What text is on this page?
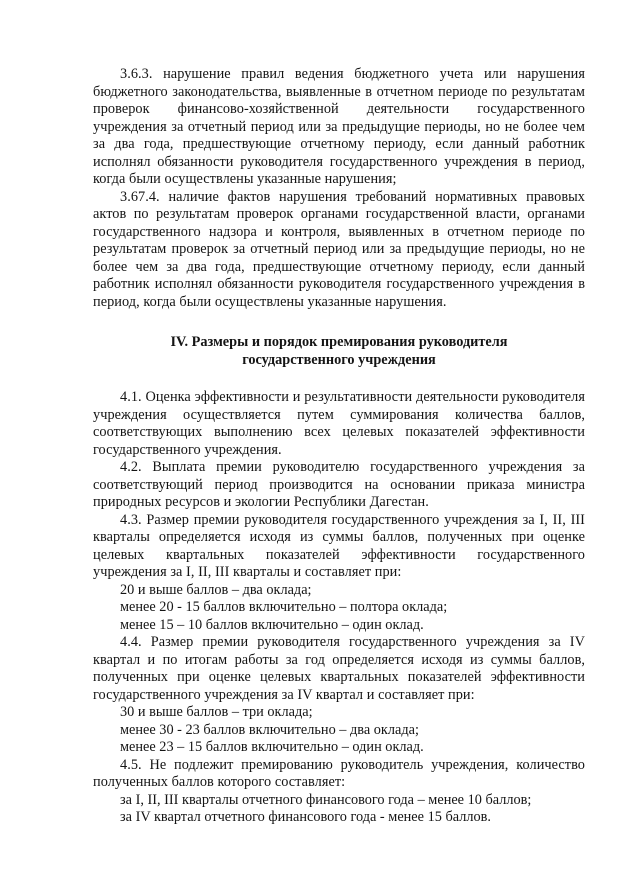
3.6.3. нарушение правил ведения бюджетного учета или нарушения бюджетного законодательства, выявленные в отчетном периоде по результатам проверок финансово-хозяйственной деятельности государственного учреждения за отчетный период или за предыдущие периоды, но не более чем за два года, предшествующие отчетному периоду, если данный работник исполнял обязанности руководителя государственного учреждения в период, когда были осуществлены указанные нарушения;

3.67.4. наличие фактов нарушения требований нормативных правовых актов по результатам проверок органами государственной власти, органами государственного надзора и контроля, выявленных в отчетном периоде по результатам проверок за отчетный период или за предыдущие периоды, но не более чем за два года, предшествующие отчетному периоду, если данный работник исполнял обязанности руководителя государственного учреждения в период, когда были осуществлены указанные нарушения.

IV. Размеры и порядок премирования руководителя
государственного учреждения

4.1. Оценка эффективности и результативности деятельности руководителя учреждения осуществляется путем суммирования количества баллов, соответствующих выполнению всех целевых показателей эффективности государственного учреждения.

4.2. Выплата премии руководителю государственного учреждения за соответствующий период производится на основании приказа министра природных ресурсов и экологии Республики Дагестан.

4.3. Размер премии руководителя государственного учреждения за I, II, III кварталы определяется исходя из суммы баллов, полученных при оценке целевых квартальных показателей эффективности государственного учреждения за I, II, III кварталы и составляет при:

20 и выше баллов – два оклада;

менее 20 - 15 баллов включительно – полтора оклада;

менее 15 – 10 баллов включительно – один оклад.

4.4. Размер премии руководителя государственного учреждения за IV квартал и по итогам работы за год определяется исходя из суммы баллов, полученных при оценке целевых квартальных показателей эффективности государственного учреждения за IV квартал и составляет при:

30 и выше баллов – три оклада;

менее 30 - 23 баллов включительно – два оклада;

менее 23 – 15 баллов включительно – один оклад.

4.5. Не подлежит премированию руководитель учреждения, количество полученных баллов которого составляет:

за I, II, III кварталы отчетного финансового года – менее 10 баллов;

за IV квартал отчетного финансового года - менее 15 баллов.
